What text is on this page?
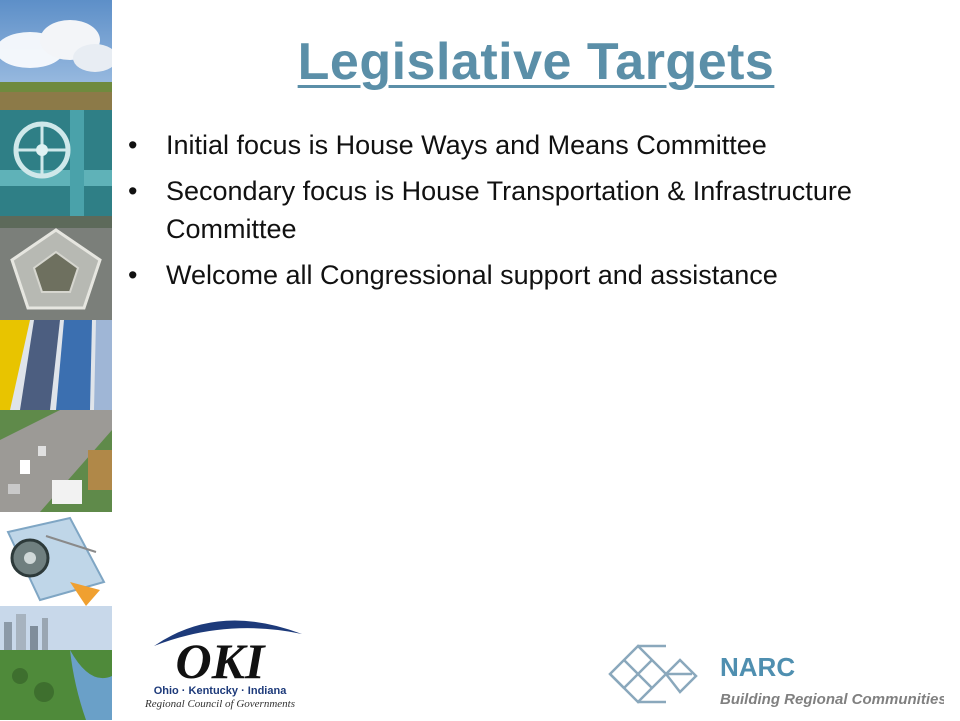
Legislative Targets
• Initial focus is House Ways and Means Committee
• Secondary focus is House Transportation & Infrastructure Committee
• Welcome all Congressional support and assistance
OKI
Ohio · Kentucky · Indiana
Regional Council of Governments
NARC
Building Regional Communities
